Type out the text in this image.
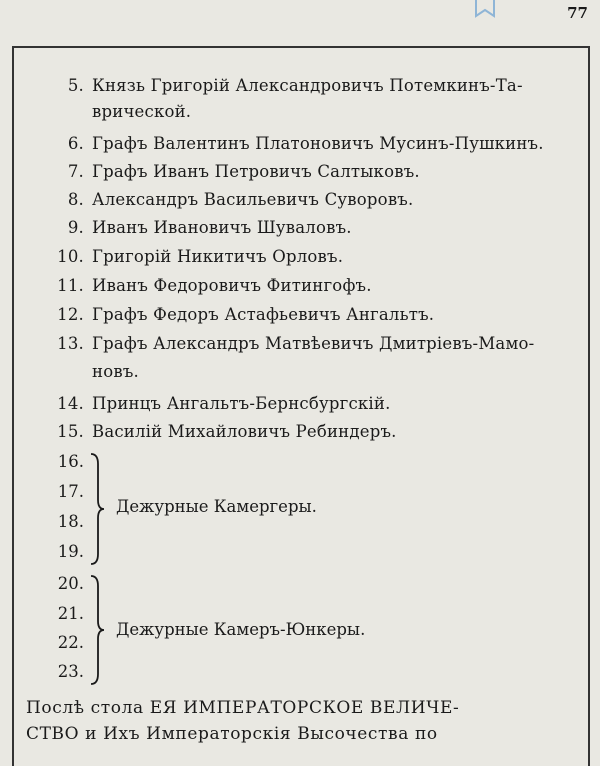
77
5. Князь Григорій Александровичъ Потемкинъ-Та-
врической.
6. Графъ Валентинъ Платоновичъ Мусинъ-Пушкинъ.
7. Графъ Иванъ Петровичъ Салтыковъ.
8. Александръ Васильевичъ Суворовъ.
9. Иванъ Ивановичъ Шуваловъ.
10. Григорій Никитичъ Орловъ.
11. Иванъ Федоровичъ Фитингофъ.
12. Графъ Федоръ Астафьевичъ Ангальтъ.
13. Графъ Александръ Матвѣевичъ Дмитріевъ-Мамо-
новъ.
14. Принцъ Ангальтъ-Бернсбургскій.
15. Василій Михайловичъ Ребиндеръ.
16.
17.
18.
19.
Дежурные Камергеры.
20.
21.
22.
23.
Дежурные Камеръ-Юнкеры.
Послѣ стола ЕЯ ИМПЕРАТОРСКОЕ ВЕЛИЧЕ-
СТВО и Ихъ Императорскія Высочества по
